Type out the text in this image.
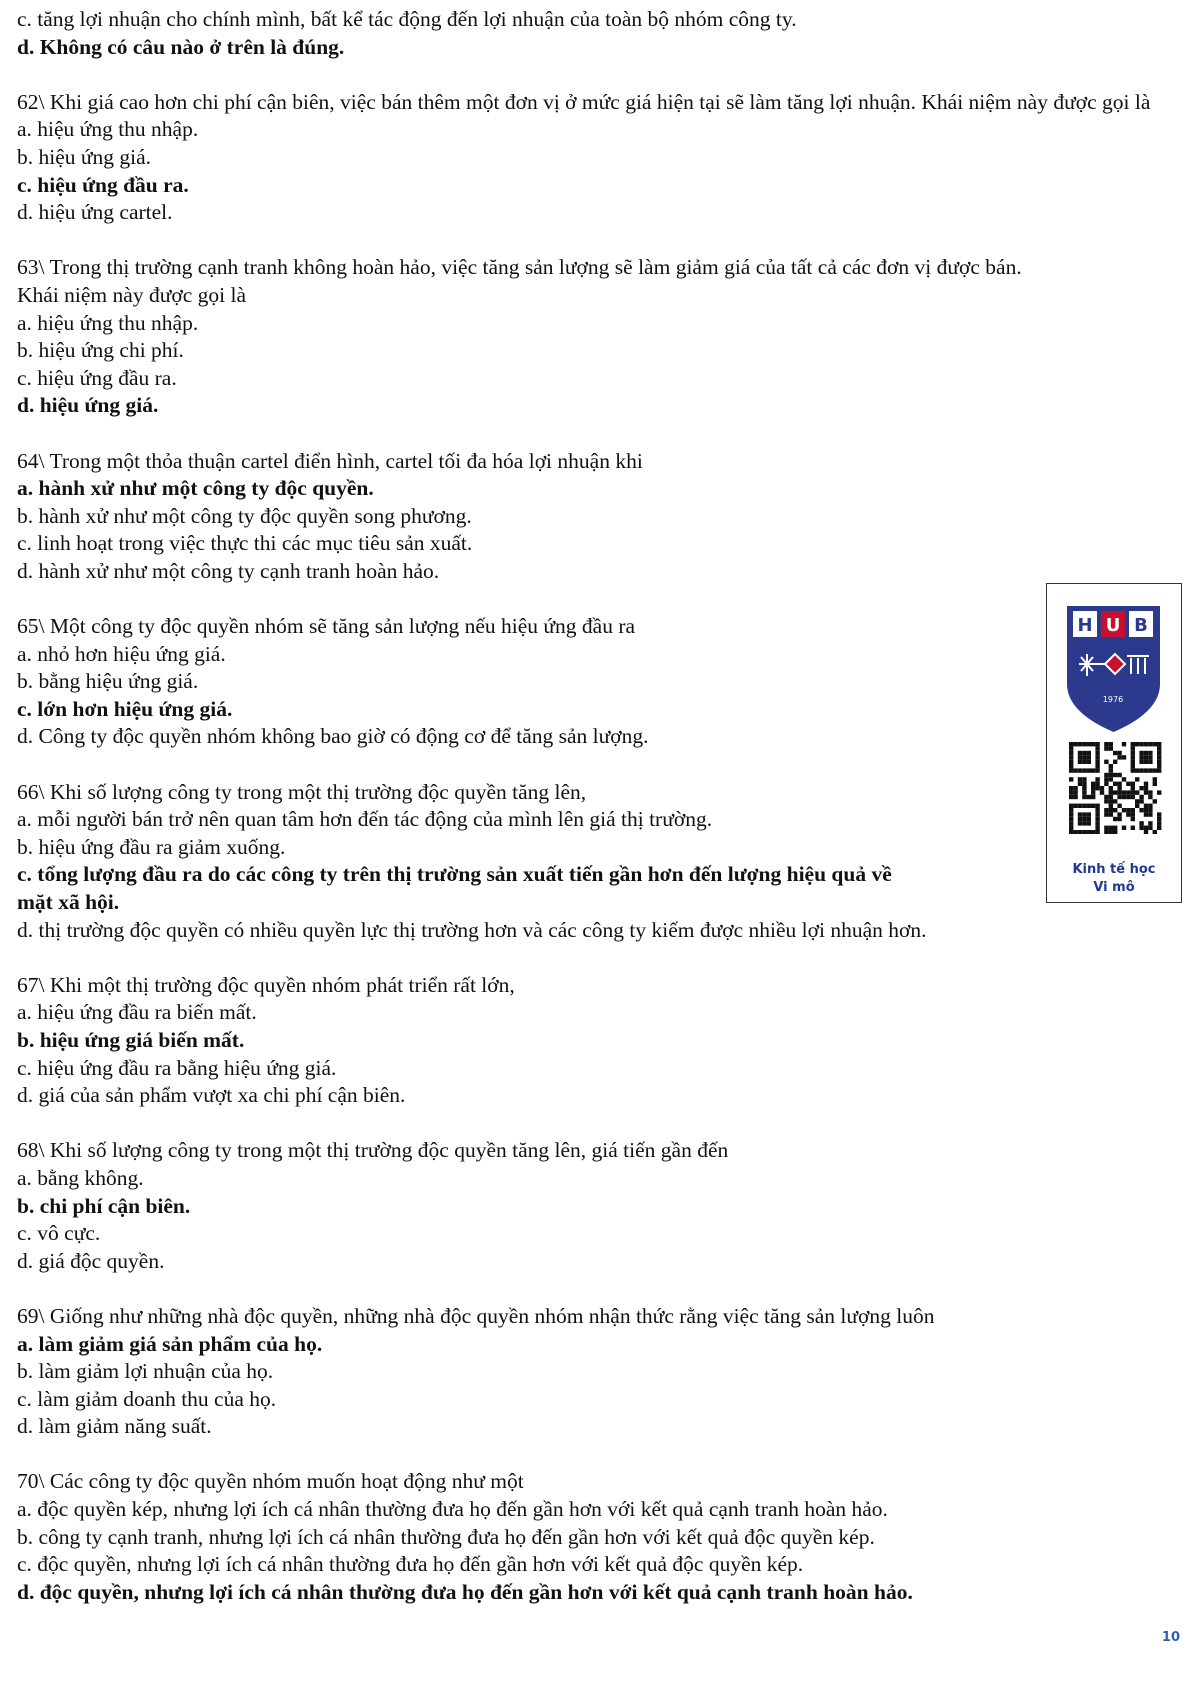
c. tăng lợi nhuận cho chính mình, bất kể tác động đến lợi nhuận của toàn bộ nhóm công ty.
d. Không có câu nào ở trên là đúng.
62\ Khi giá cao hơn chi phí cận biên, việc bán thêm một đơn vị ở mức giá hiện tại sẽ làm tăng lợi nhuận. Khái niệm này được gọi là
a. hiệu ứng thu nhập.
b. hiệu ứng giá.
c. hiệu ứng đầu ra.
d. hiệu ứng cartel.
63\ Trong thị trường cạnh tranh không hoàn hảo, việc tăng sản lượng sẽ làm giảm giá của tất cả các đơn vị được bán.
Khái niệm này được gọi là
a. hiệu ứng thu nhập.
b. hiệu ứng chi phí.
c. hiệu ứng đầu ra.
d. hiệu ứng giá.
64\ Trong một thỏa thuận cartel điển hình, cartel tối đa hóa lợi nhuận khi
a. hành xử như một công ty độc quyền.
b. hành xử như một công ty độc quyền song phương.
c. linh hoạt trong việc thực thi các mục tiêu sản xuất.
d. hành xử như một công ty cạnh tranh hoàn hảo.
65\ Một công ty độc quyền nhóm sẽ tăng sản lượng nếu hiệu ứng đầu ra
a. nhỏ hơn hiệu ứng giá.
b. bằng hiệu ứng giá.
c. lớn hơn hiệu ứng giá.
d. Công ty độc quyền nhóm không bao giờ có động cơ để tăng sản lượng.
66\ Khi số lượng công ty trong một thị trường độc quyền tăng lên,
a. mỗi người bán trở nên quan tâm hơn đến tác động của mình lên giá thị trường.
b. hiệu ứng đầu ra giảm xuống.
c. tổng lượng đầu ra do các công ty trên thị trường sản xuất tiến gần hơn đến lượng hiệu quả về
mặt xã hội.
d. thị trường độc quyền có nhiều quyền lực thị trường hơn và các công ty kiếm được nhiều lợi nhuận hơn.
67\ Khi một thị trường độc quyền nhóm phát triển rất lớn,
a. hiệu ứng đầu ra biến mất.
b. hiệu ứng giá biến mất.
c. hiệu ứng đầu ra bằng hiệu ứng giá.
d. giá của sản phẩm vượt xa chi phí cận biên.
68\ Khi số lượng công ty trong một thị trường độc quyền tăng lên, giá tiến gần đến
a. bằng không.
b. chi phí cận biên.
c. vô cực.
d. giá độc quyền.
69\ Giống như những nhà độc quyền, những nhà độc quyền nhóm nhận thức rằng việc tăng sản lượng luôn
a. làm giảm giá sản phẩm của họ.
b. làm giảm lợi nhuận của họ.
c. làm giảm doanh thu của họ.
d. làm giảm năng suất.
70\ Các công ty độc quyền nhóm muốn hoạt động như một
a. độc quyền kép, nhưng lợi ích cá nhân thường đưa họ đến gần hơn với kết quả cạnh tranh hoàn hảo.
b. công ty cạnh tranh, nhưng lợi ích cá nhân thường đưa họ đến gần hơn với kết quả độc quyền kép.
c. độc quyền, nhưng lợi ích cá nhân thường đưa họ đến gần hơn với kết quả độc quyền kép.
d. độc quyền, nhưng lợi ích cá nhân thường đưa họ đến gần hơn với kết quả cạnh tranh hoàn hảo.
H U B
1976
Kinh tế học
Vi mô
10
